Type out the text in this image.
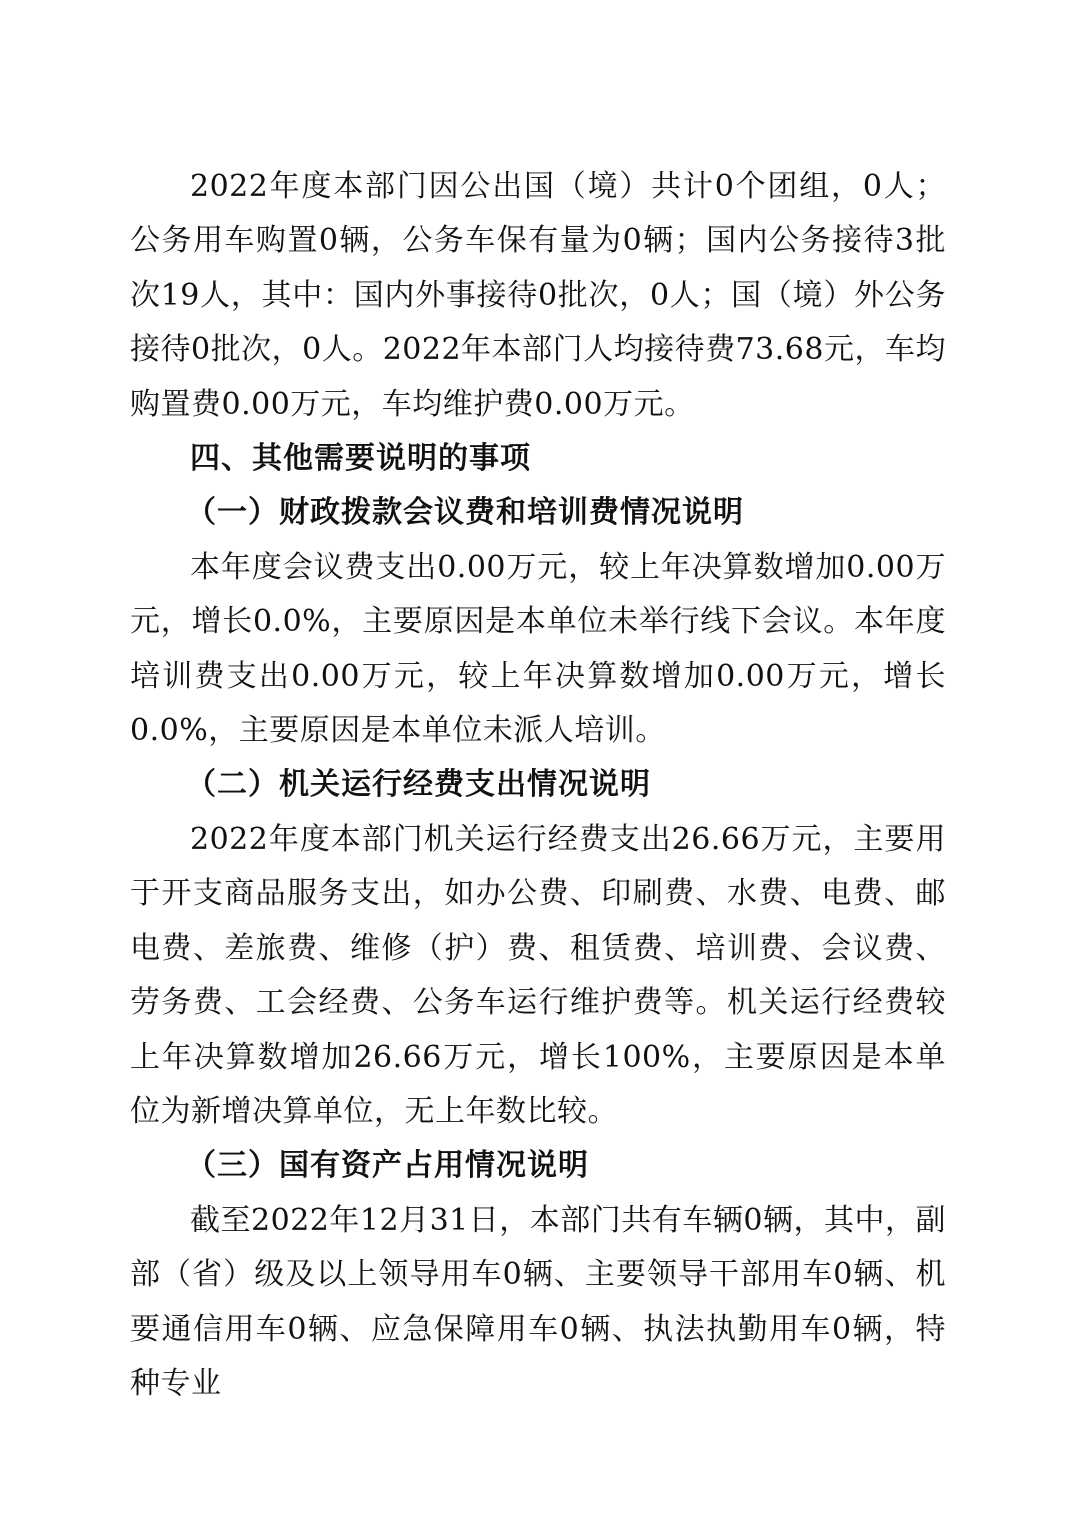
2022年度本部门因公出国（境）共计0个团组，0人；公务用车购置0辆，公务车保有量为0辆；国内公务接待3批次19人，其中：国内外事接待0批次，0人；国（境）外公务接待0批次，0人。2022年本部门人均接待费73.68元，车均购置费0.00万元，车均维护费0.00万元。

四、其他需要说明的事项

（一）财政拨款会议费和培训费情况说明

本年度会议费支出0.00万元，较上年决算数增加0.00万元，增长0.0%，主要原因是本单位未举行线下会议。本年度培训费支出0.00万元，较上年决算数增加0.00万元，增长0.0%，主要原因是本单位未派人培训。

（二）机关运行经费支出情况说明

2022年度本部门机关运行经费支出26.66万元，主要用于开支商品服务支出，如办公费、印刷费、水费、电费、邮电费、差旅费、维修（护）费、租赁费、培训费、会议费、劳务费、工会经费、公务车运行维护费等。机关运行经费较上年决算数增加26.66万元，增长100%，主要原因是本单位为新增决算单位，无上年数比较。

（三）国有资产占用情况说明

截至2022年12月31日，本部门共有车辆0辆，其中，副部（省）级及以上领导用车0辆、主要领导干部用车0辆、机要通信用车0辆、应急保障用车0辆、执法执勤用车0辆，特种专业
